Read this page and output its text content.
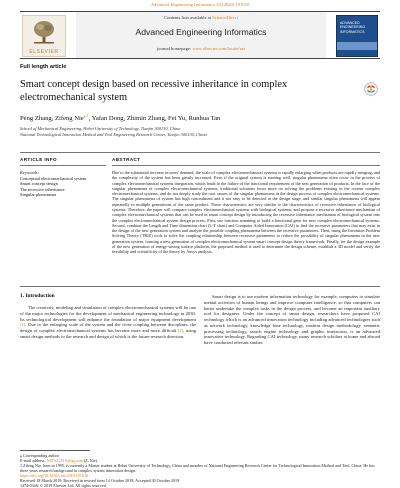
Advanced Engineering Informatics 43 (2020) 101010
ELSEVIER
Contents lists available at ScienceDirect
Advanced Engineering Informatics
journal homepage: www.elsevier.com/locate/aei
ADVANCED ENGINEERING INFORMATICS
Full length article
Smart concept design based on recessive inheritance in complex electromechanical system
Peng Zhang, Zifeng Nie$^{⁎,1}$, Yafan Dong, Zhimin Zhang, Fei Yu, Runhua Tan
School of Mechanical Engineering, Hebei University of Technology, Tianjin 300130, China
National Technological Innovation Method and Tool Engineering Research Center, Tianjin 300130, China
ARTICLE INFO	ABSTRACT
Keywords:
Conceptual electromechanical system
Smart concept design
The recessive inheritance
Singular phenomena
Due to the substantial increase in users' demand, the scale of complex electromechanical systems is rapidly enlarging when products are rapidly merging, and the complexity of the system has been greatly increased. Even if the original system is running well, singular phenomena often occur in the process of complex electromechanical systems integration, which leads to the failure of the functional requirement of the new generation of products. In the face of the singular phenomena of complex electromechanical systems, traditional solutions focus more on solving the problems existing in the current complex electromechanical systems, and do not deeply study the root causes of the singular phenomena in the design process of complex electromechanical systems. The singular phenomena of system has high concealment and it not easy to be detected at the design stage, and similar singular phenomena will appear repeatedly in multiple generations of the same product. These characteristics are very similar to the characteristics of recessive inheritance of biological systems. Therefore, the paper will compare complex electromechanical systems with biological systems, and propose a recessive inheritance mechanism of complex electromechanical systems that can be used in smart concept design by introducing the recessive inheritance mechanism of biological system into the complex electromechanical system design process. First, use function trimming to build a functional gene for new complex electromechanical systems. Second, combine the Length and Time dimension chart (L-T chart) and Computer Aided Innovation (CAI) to find the recessive parameters that may exist in the design of the new generation system and analyze the possible coupling phenomena between the recessive parameters. Then, using the Invention Problem Solving Theory (TRIZ) tools to solve the coupling relationship between recessive parameters to reduce the possibility of singular phenomena in the new generation system, forming a new generation of complex electromechanical system smart concept design theory framework. Finally, for the design example of the new generation of energy-saving surface platform, the proposed method is used to determine the design scheme, establish a 3D model and verify the feasibility and scientificity of the theory by Ansys analysis.
1. Introduction

The creativity, modeling and simulation of complex electromechanical systems will be one of the major technologies for the development of mechanical engineering technology in 2030. Its technological development will enhance the foundation of major equipment development [1]. Due to the enlarging scale of the system and the close coupling between disciplines, the design of complex electromechanical systems has become more and more difficult [2], using smart design methods to the research and design of which is the future research direction.

Smart design is to use modern information technology for example, computers to simulate mental activities of human beings and improve computer intelligence, so that computers can better undertake the complex tasks in the design process, and become an important auxiliary tool for designers. Under the concept of smart design, researchers have proposed CAI technology which is an advanced innovation technology including advanced technologies such as network technology, knowledge base technology, modern design methodology, semantic processing technology, search engine technology and graphic interaction, is an advanced innovative technology. Regarding CAI technology, many research scholars at home and abroad have conducted relevant studies

⁎ Corresponding author.
E-mail address: NZFzZ2515@qq.com (Z. Nie).
1 Zifeng Nie, born in 1995, is currently a Master student at Hebei University of Technology, China and member of National Engineering Research Center for Technological Innovation Method and Tool, China. He has three years research background in complex system innovation design.
https://doi.org/10.1016/j.aei.2019.101010
Received 18 March 2019; Received in revised form 14 October 2019; Accepted 30 October 2019
1474-0346/ © 2019 Elsevier Ltd. All rights reserved.
